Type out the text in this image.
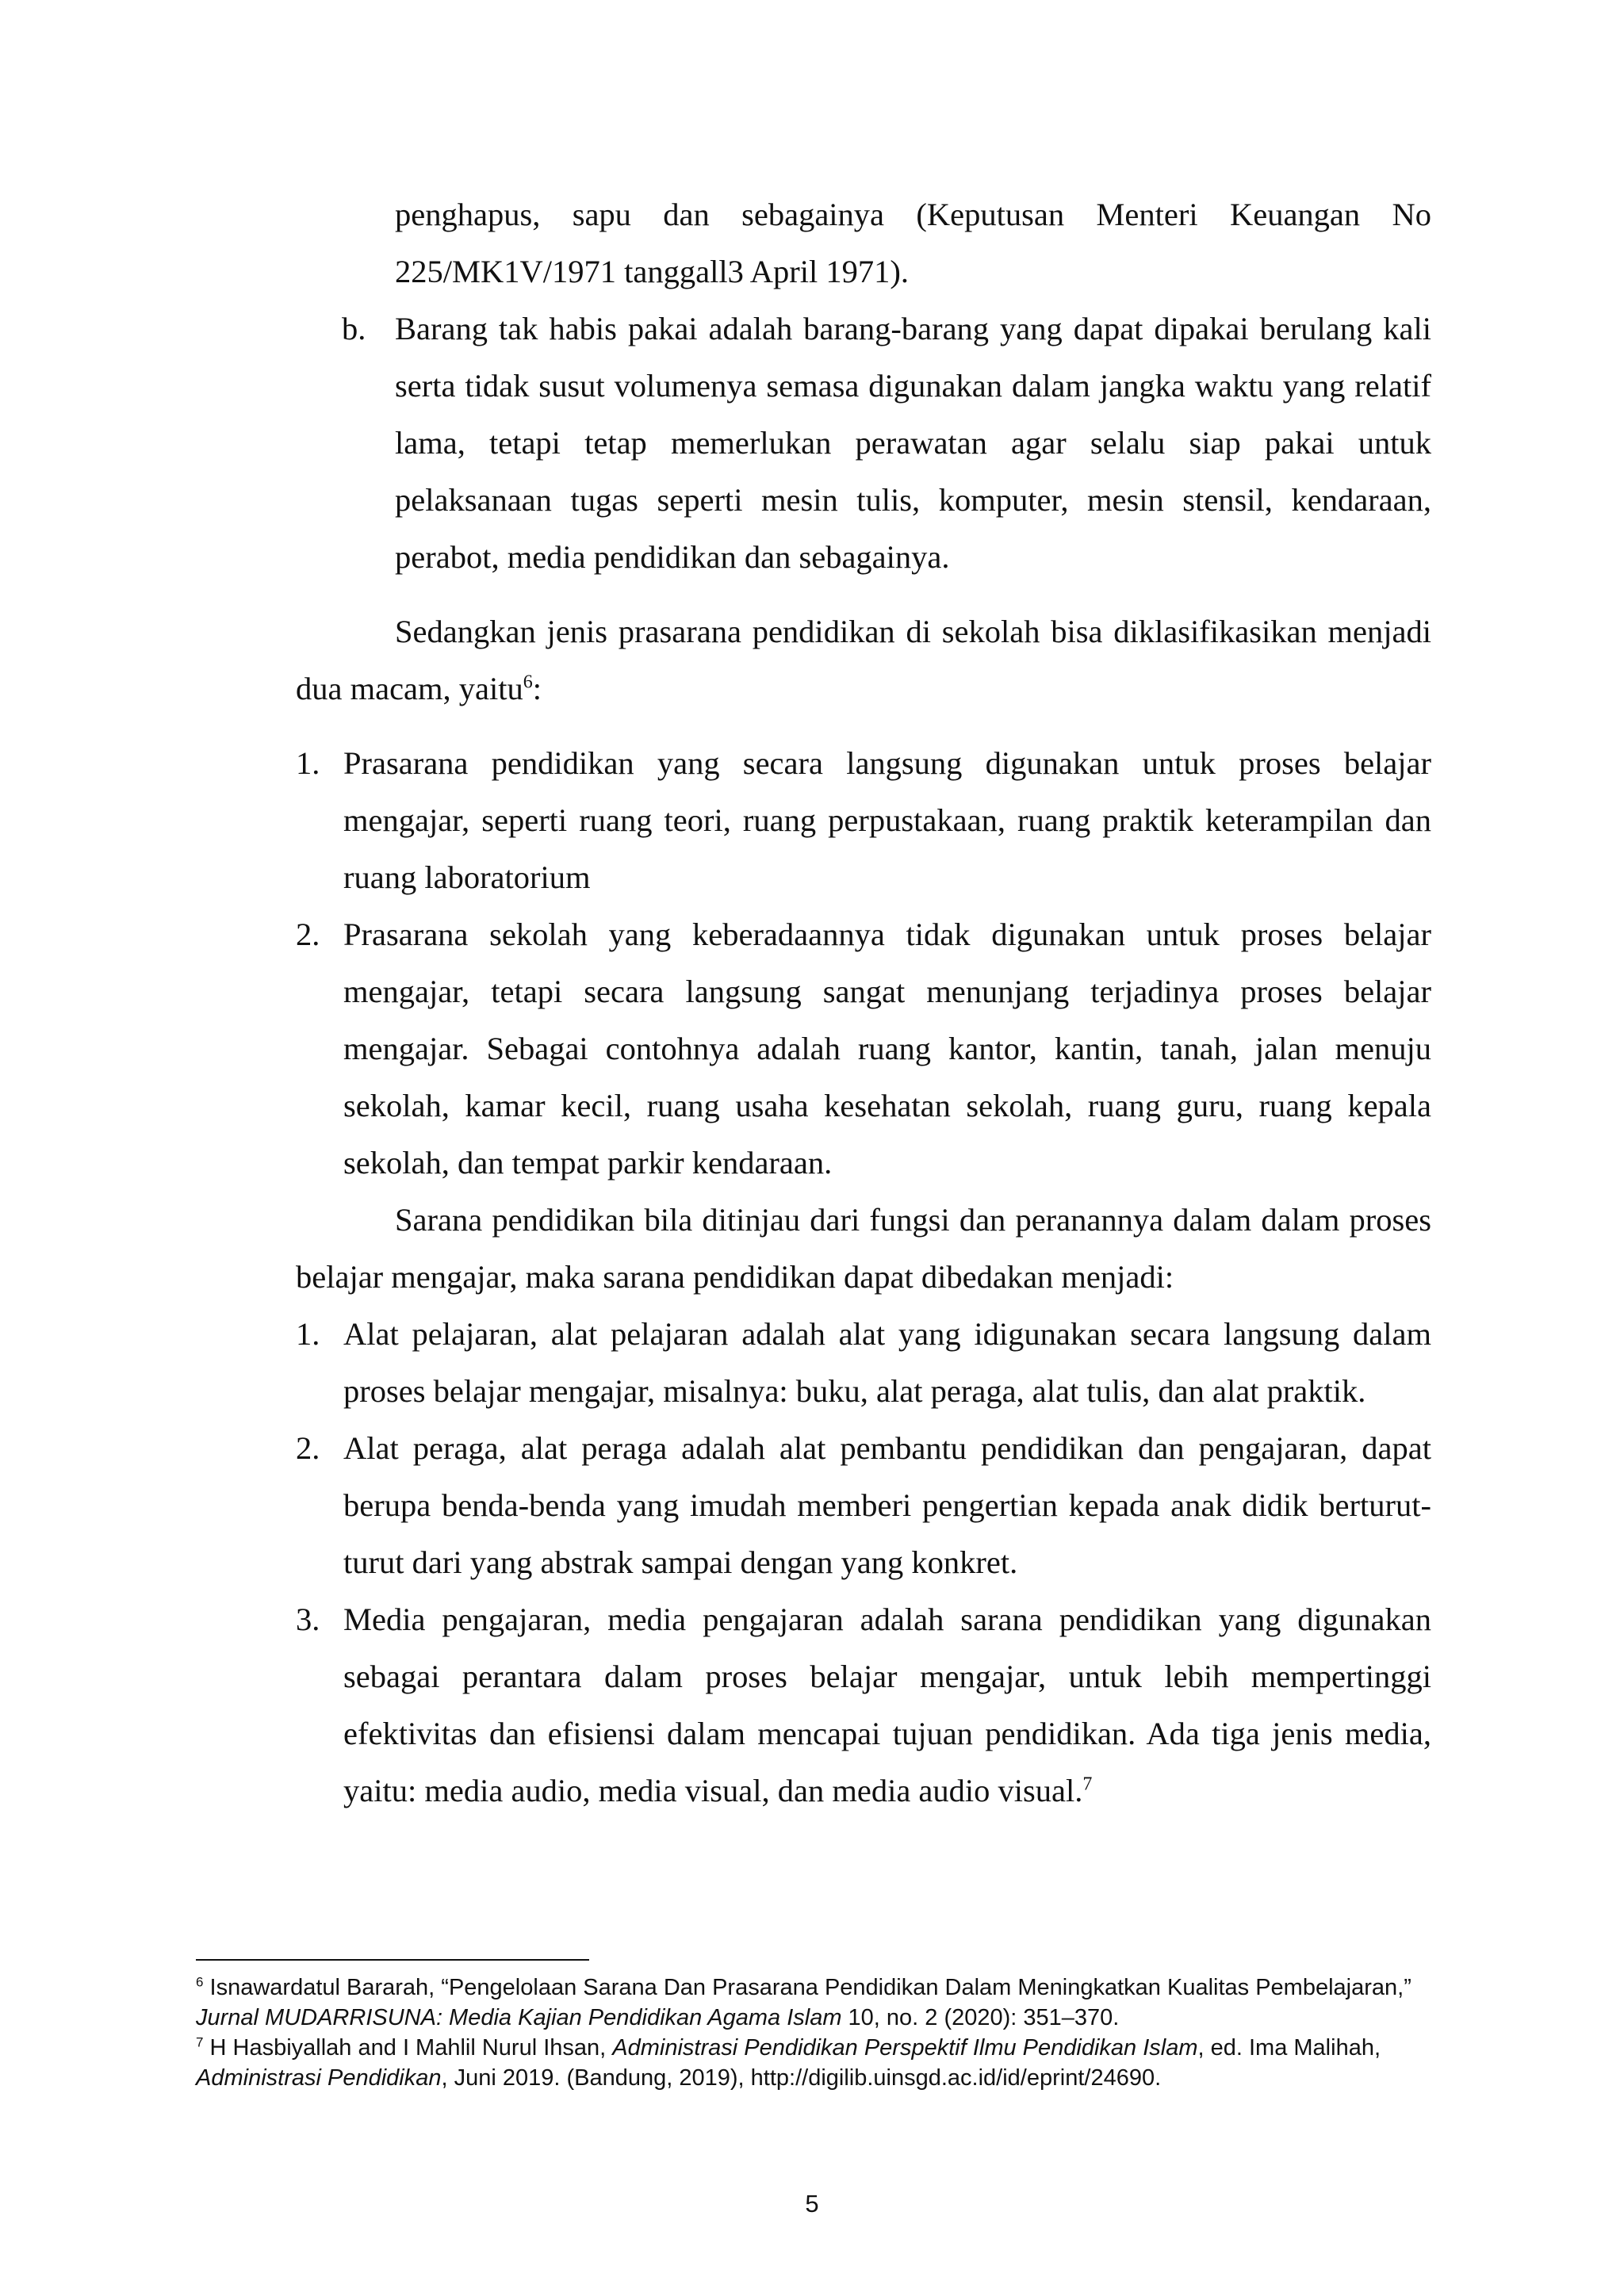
penghapus, sapu dan sebagainya (Keputusan Menteri Keuangan No 225/MK1V/1971 tanggall3 April 1971).
b. Barang tak habis pakai adalah barang-barang yang dapat dipakai berulang kali serta tidak susut volumenya semasa digunakan dalam jangka waktu yang relatif lama, tetapi tetap memerlukan perawatan agar selalu siap pakai untuk pelaksanaan tugas seperti mesin tulis, komputer, mesin stensil, kendaraan, perabot, media pendidikan dan sebagainya.

Sedangkan jenis prasarana pendidikan di sekolah bisa diklasifikasikan menjadi dua macam, yaitu$^6$:

1. Prasarana pendidikan yang secara langsung digunakan untuk proses belajar mengajar, seperti ruang teori, ruang perpustakaan, ruang praktik keterampilan dan ruang laboratorium
2. Prasarana sekolah yang keberadaannya tidak digunakan untuk proses belajar mengajar, tetapi secara langsung sangat menunjang terjadinya proses belajar mengajar. Sebagai contohnya adalah ruang kantor, kantin, tanah, jalan menuju sekolah, kamar kecil, ruang usaha kesehatan sekolah, ruang guru, ruang kepala sekolah, dan tempat parkir kendaraan.

Sarana pendidikan bila ditinjau dari fungsi dan peranannya dalam dalam proses belajar mengajar, maka sarana pendidikan dapat dibedakan menjadi:

1. Alat pelajaran, alat pelajaran adalah alat yang idigunakan secara langsung dalam proses belajar mengajar, misalnya: buku, alat peraga, alat tulis, dan alat praktik.
2. Alat peraga, alat peraga adalah alat pembantu pendidikan dan pengajaran, dapat berupa benda-benda yang imudah memberi pengertian kepada anak didik berturut-turut dari yang abstrak sampai dengan yang konkret.
3. Media pengajaran, media pengajaran adalah sarana pendidikan yang digunakan sebagai perantara dalam proses belajar mengajar, untuk lebih mempertinggi efektivitas dan efisiensi dalam mencapai tujuan pendidikan. Ada tiga jenis media, yaitu: media audio, media visual, dan media audio visual.$^7$

$^6$ Isnawardatul Bararah, “Pengelolaan Sarana Dan Prasarana Pendidikan Dalam Meningkatkan Kualitas Pembelajaran,” Jurnal MUDARRISUNA: Media Kajian Pendidikan Agama Islam 10, no. 2 (2020): 351–370.

$^7$ H Hasbiyallah and I Mahlil Nurul Ihsan, Administrasi Pendidikan Perspektif Ilmu Pendidikan Islam, ed. Ima Malihah, Administrasi Pendidikan, Juni 2019. (Bandung, 2019), http://digilib.uinsgd.ac.id/id/eprint/24690.

5
